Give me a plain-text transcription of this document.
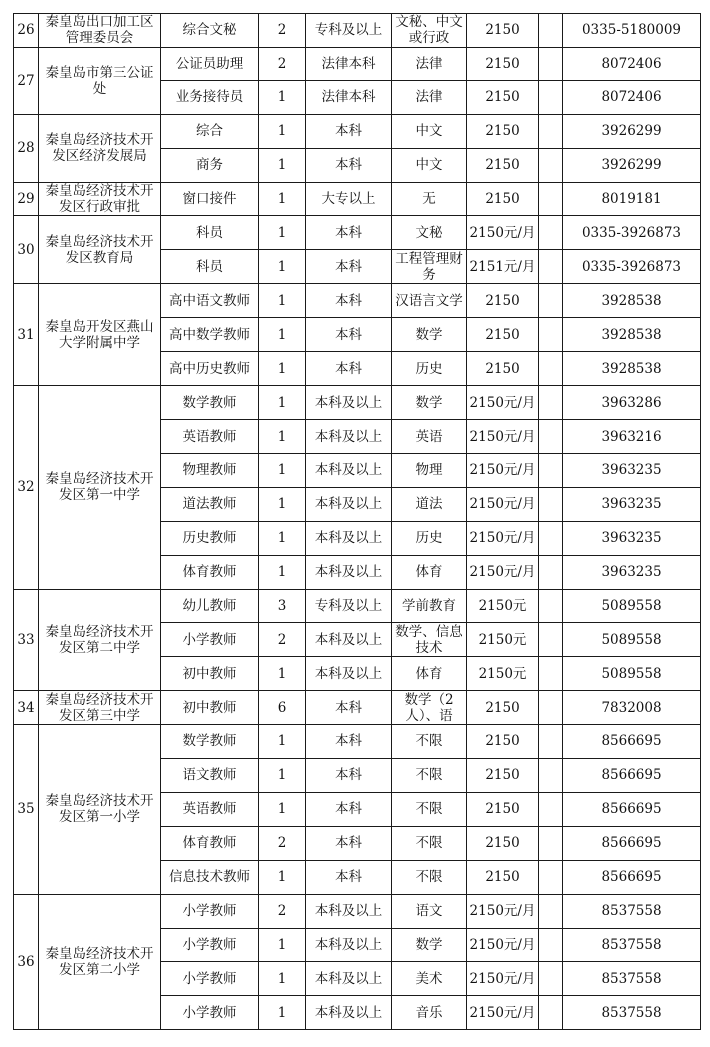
26	秦皇岛出口加工区管理委员会	综合文秘	2	专科及以上	文秘、中文或行政	2150		0335-5180009
27	秦皇岛市第三公证处	公证员助理	2	法律本科	法律	2150		8072406

		业务接待员	1	法律本科	法律	2150		8072406
28	秦皇岛经济技术开发区经济发展局	综合	1	本科	中文	2150		3926299

		商务	1	本科	中文	2150		3926299
29	秦皇岛经济技术开发区行政审批	窗口接件	1	大专以上	无	2150		8019181
30	秦皇岛经济技术开发区教育局	科员	1	本科	文秘	2150元/月		0335-3926873

		科员	1	本科	工程管理财务	2151元/月		0335-3926873
31	秦皇岛开发区燕山大学附属中学	高中语文教师	1	本科	汉语言文学	2150		3928538

		高中数学教师	1	本科	数学	2150		3928538

		高中历史教师	1	本科	历史	2150		3928538
32	秦皇岛经济技术开发区第一中学	数学教师	1	本科及以上	数学	2150元/月		3963286

		英语教师	1	本科及以上	英语	2150元/月		3963216

		物理教师	1	本科及以上	物理	2150元/月		3963235

		道法教师	1	本科及以上	道法	2150元/月		3963235

		历史教师	1	本科及以上	历史	2150元/月		3963235

		体育教师	1	本科及以上	体育	2150元/月		3963235
33	秦皇岛经济技术开发区第二中学	幼儿教师	3	专科及以上	学前教育	2150元		5089558

		小学教师	2	本科及以上	数学、信息技术	2150元		5089558

		初中教师	1	本科及以上	体育	2150元		5089558
34	秦皇岛经济技术开发区第三中学	初中教师	6	本科	数学（2人）、语	2150		7832008
35	秦皇岛经济技术开发区第一小学	数学教师	1	本科	不限	2150		8566695

		语文教师	1	本科	不限	2150		8566695

		英语教师	1	本科	不限	2150		8566695

		体育教师	2	本科	不限	2150		8566695

		信息技术教师	1	本科	不限	2150		8566695
36	秦皇岛经济技术开发区第二小学	小学教师	2	本科及以上	语文	2150元/月		8537558

		小学教师	1	本科及以上	数学	2150元/月		8537558

		小学教师	1	本科及以上	美术	2150元/月		8537558

		小学教师	1	本科及以上	音乐	2150元/月		8537558
